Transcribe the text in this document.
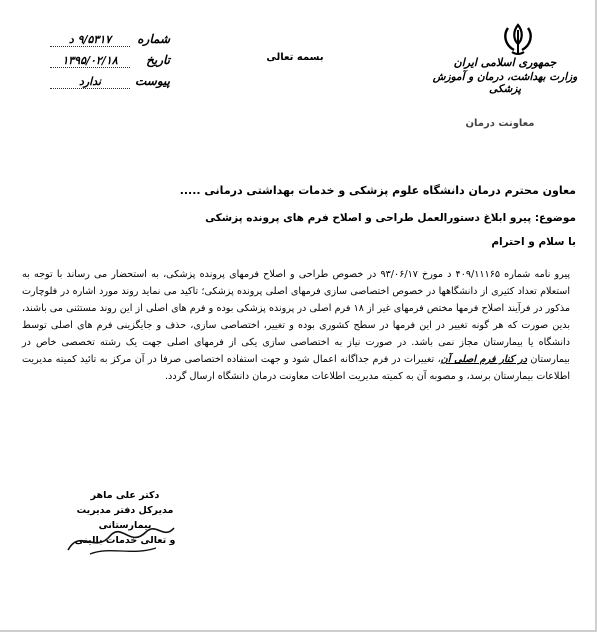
جمهوری اسلامی ایران
وزارت بهداشت، درمان و آموزش پزشکی
معاونت درمان
بسمه تعالی
شماره
۹/۵۳۱۷ د
تاریخ
۱۳۹۵/۰۲/۱۸
پیوست
ندارد
معاون محترم درمان دانشگاه علوم پزشکی و خدمات بهداشتی درمانی .....
موضوع: پیرو ابلاغ دستورالعمل طراحی و اصلاح فرم های پرونده پزشکی
با سلام و احترام
پیرو نامه شماره ۴۰۹/۱۱۱۶۵ د مورخ ۹۳/۰۶/۱۷ در خصوص طراحی و اصلاح فرمهای پرونده پزشکی، به استحضار می رساند با توجه به استعلام تعداد کثیری از دانشگاهها در خصوص اختصاصی سازی فرمهای اصلی پرونده پزشکی؛ تاکید می نماید روند مورد اشاره در فلوچارت مذکور در فرآیند اصلاح فرمها مختص فرمهای غیر از ۱۸ فرم اصلی در پرونده پزشکی بوده و فرم های اصلی از این روند مستثنی می باشند، بدین صورت که هر گونه تغییر در این فرمها در سطح کشوری بوده و تغییر، اختصاصی سازی، حذف و جایگزینی فرم های اصلی توسط دانشگاه یا بیمارستان مجاز نمی باشد. در صورت نیاز به اختصاصی سازی یکی از فرمهای اصلی جهت یک رشته تخصصی خاص در بیمارستان در کنار فرم اصلی آن، تغییرات در فرم جداگانه اعمال شود و جهت استفاده اختصاصی صرفا در آن مرکز به تائید کمیته مدیریت اطلاعات بیمارستان برسد، و مصوبه آن به کمیته مدیریت اطلاعات معاونت درمان دانشگاه ارسال گردد.
دکتر علی ماهر
مدیرکل دفتر مدیریت بیمارستانی
و تعالی خدمات بالینی
